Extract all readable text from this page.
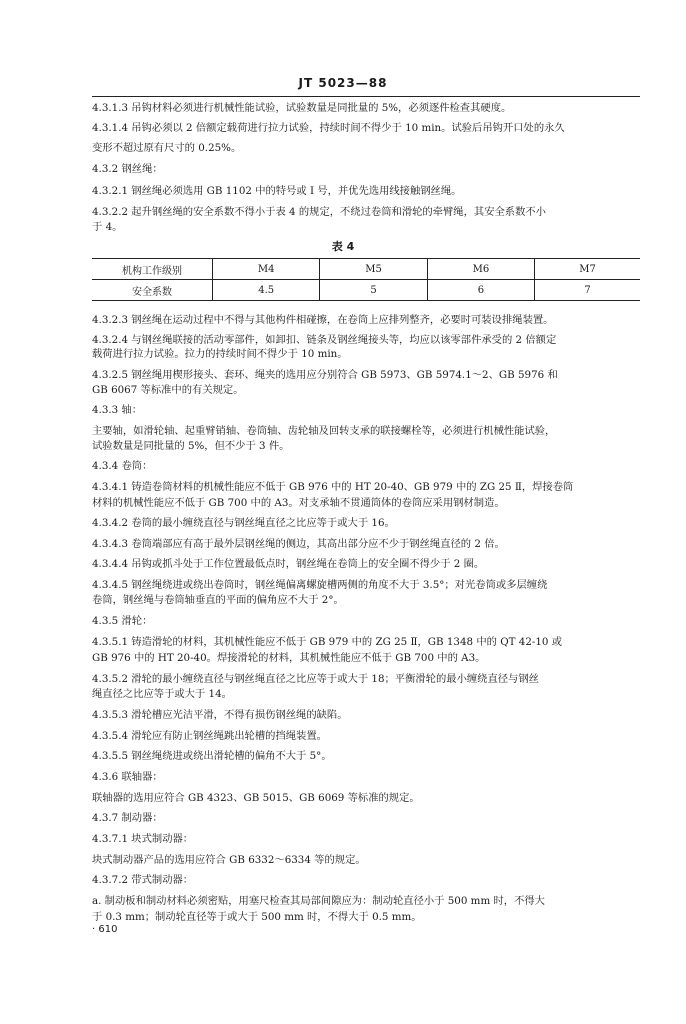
JT 5023—88
4.3.1.3 吊钩材料必须进行机械性能试验，试验数量是同批量的 5%，必须逐件检查其硬度。
4.3.1.4 吊钩必须以 2 倍额定载荷进行拉力试验，持续时间不得少于 10 min。试验后吊钩开口处的永久
变形不超过原有尺寸的 0.25%。
4.3.2 钢丝绳：
4.3.2.1 钢丝绳必须选用 GB 1102 中的特号或 I 号，并优先选用线接触钢丝绳。
4.3.2.2 起升钢丝绳的安全系数不得小于表 4 的规定，不绕过卷筒和滑轮的牵臂绳，其安全系数不小
于 4。
表 4
机构工作级别	M4	M5	M6	M7
安全系数	4.5	5	6	7
4.3.2.3 钢丝绳在运动过程中不得与其他构件相碰擦，在卷筒上应排列整齐，必要时可装设排绳装置。
4.3.2.4 与钢丝绳联接的活动零部件，如卸扣、链条及钢丝绳接头等，均应以该零部件承受的 2 倍额定
载荷进行拉力试验。拉力的持续时间不得少于 10 min。
4.3.2.5 钢丝绳用楔形接头、套环、绳夹的选用应分别符合 GB 5973、GB 5974.1～2、GB 5976 和
GB 6067 等标准中的有关规定。
4.3.3 轴：
主要轴，如滑轮轴、起重臂销轴、卷筒轴、齿轮轴及回转支承的联接螺栓等，必须进行机械性能试验，
试验数量是同批量的 5%，但不少于 3 件。
4.3.4 卷筒：
4.3.4.1 铸造卷筒材料的机械性能应不低于 GB 976 中的 HT 20-40、GB 979 中的 ZG 25 Ⅱ，焊接卷筒
材料的机械性能应不低于 GB 700 中的 A3。对支承轴不贯通筒体的卷筒应采用钢材制造。
4.3.4.2 卷筒的最小缠绕直径与钢丝绳直径之比应等于或大于 16。
4.3.4.3 卷筒端部应有高于最外层钢丝绳的侧边，其高出部分应不少于钢丝绳直径的 2 倍。
4.3.4.4 吊钩或抓斗处于工作位置最低点时，钢丝绳在卷筒上的安全圈不得少于 2 圈。
4.3.4.5 钢丝绳绕进或绕出卷筒时，钢丝绳偏离螺旋槽两侧的角度不大于 3.5°；对光卷筒或多层缠绕
卷筒，钢丝绳与卷筒轴垂直的平面的偏角应不大于 2°。
4.3.5 滑轮：
4.3.5.1 铸造滑轮的材料，其机械性能应不低于 GB 979 中的 ZG 25 Ⅱ，GB 1348 中的 QT 42-10 或
GB 976 中的 HT 20-40。焊接滑轮的材料，其机械性能应不低于 GB 700 中的 A3。
4.3.5.2 滑轮的最小缠绕直径与钢丝绳直径之比应等于或大于 18；平衡滑轮的最小缠绕直径与钢丝
绳直径之比应等于或大于 14。
4.3.5.3 滑轮槽应光洁平滑，不得有损伤钢丝绳的缺陷。
4.3.5.4 滑轮应有防止钢丝绳跳出轮槽的挡绳装置。
4.3.5.5 钢丝绳绕进或绕出滑轮槽的偏角不大于 5°。
4.3.6 联轴器：
联轴器的选用应符合 GB 4323、GB 5015、GB 6069 等标准的规定。
4.3.7 制动器：
4.3.7.1 块式制动器：
块式制动器产品的选用应符合 GB 6332～6334 等的规定。
4.3.7.2 带式制动器：
a. 制动板和制动材料必须密贴，用塞尺检查其局部间隙应为：制动轮直径小于 500 mm 时，不得大
于 0.3 mm；制动轮直径等于或大于 500 mm 时，不得大于 0.5 mm。
· 610
